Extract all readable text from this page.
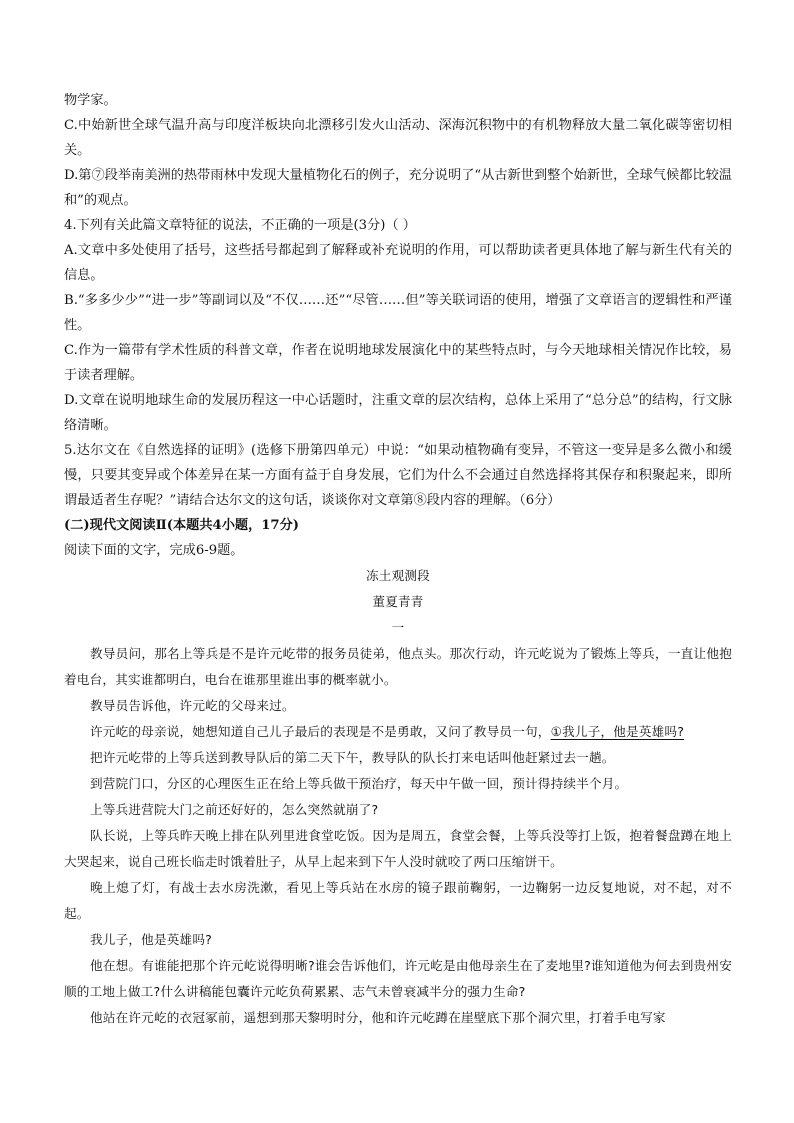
物学家。

C.中始新世全球气温升高与印度洋板块向北漂移引发火山活动、深海沉积物中的有机物释放大量二氧化碳等密切相关。

D.第⑦段举南美洲的热带雨林中发现大量植物化石的例子，充分说明了“从古新世到整个始新世，全球气候都比较温和”的观点。

4.下列有关此篇文章特征的说法，不正确的一项是(3分)（ ）

A.文章中多处使用了括号，这些括号都起到了解释或补充说明的作用，可以帮助读者更具体地了解与新生代有关的信息。

B.“多多少少”“进一步”等副词以及“不仅……还”“尽管……但”等关联词语的使用，增强了文章语言的逻辑性和严谨性。

C.作为一篇带有学术性质的科普文章，作者在说明地球发展演化中的某些特点时，与今天地球相关情况作比较，易于读者理解。

D.文章在说明地球生命的发展历程这一中心话题时，注重文章的层次结构，总体上采用了“总分总”的结构，行文脉络清晰。

5.达尔文在《自然选择的证明》(选修下册第四单元）中说：“如果动植物确有变异，不管这一变异是多么微小和缓慢，只要其变异或个体差异在某一方面有益于自身发展，它们为什么不会通过自然选择将其保存和积聚起来，即所谓最适者生存呢？”请结合达尔文的这句话，谈谈你对文章第⑧段内容的理解。（6分）

(二)现代文阅读Ⅱ(本题共4小题，17分)

阅读下面的文字，完成6-9题。

冻土观测段

董夏青青

一

教导员问，那名上等兵是不是许元屹带的报务员徒弟，他点头。那次行动，许元屹说为了锻炼上等兵，一直让他抱着电台，其实谁都明白，电台在谁那里谁出事的概率就小。

教导员告诉他，许元屹的父母来过。

许元屹的母亲说，她想知道自己儿子最后的表现是不是勇敢，又问了教导员一句，①我儿子，他是英雄吗?

把许元屹带的上等兵送到教导队后的第二天下午，教导队的队长打来电话叫他赶紧过去一趟。

到营院门口，分区的心理医生正在给上等兵做干预治疗，每天中午做一回，预计得持续半个月。

上等兵进营院大门之前还好好的，怎么突然就崩了?

队长说，上等兵昨天晚上排在队列里进食堂吃饭。因为是周五，食堂会餐，上等兵没等打上饭，抱着餐盘蹲在地上大哭起来，说自己班长临走时饿着肚子，从早上起来到下午人没时就咬了两口压缩饼干。

晚上熄了灯，有战士去水房洗漱，看见上等兵站在水房的镜子跟前鞠躬，一边鞠躬一边反复地说，对不起，对不起。

我儿子，他是英雄吗?

他在想。有谁能把那个许元屹说得明晰?谁会告诉他们，许元屹是由他母亲生在了麦地里?谁知道他为何去到贵州安顺的工地上做工?什么讲稿能包囊许元屹负荷累累、志气未曾衰减半分的强力生命?

他站在许元屹的衣冠冢前，遥想到那天黎明时分，他和许元屹蹲在崖壁底下那个洞穴里，打着手电写家
